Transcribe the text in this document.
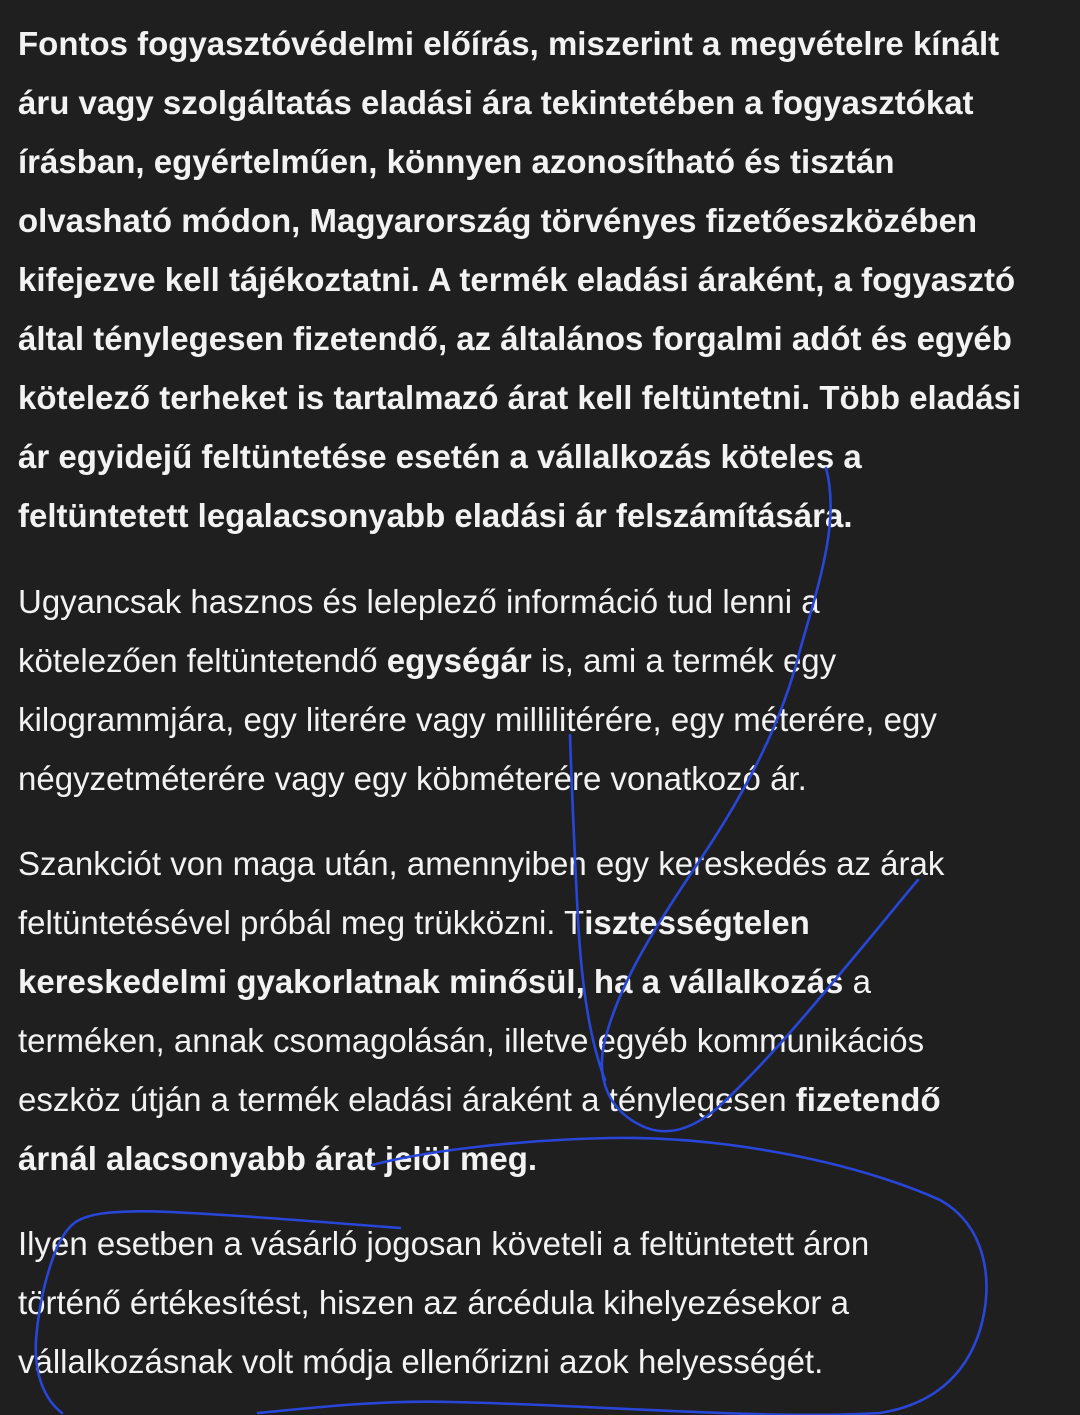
Fontos fogyasztóvédelmi előírás, miszerint a megvételre kínált
áru vagy szolgáltatás eladási ára tekintetében a fogyasztókat
írásban, egyértelműen, könnyen azonosítható és tisztán
olvasható módon, Magyarország törvényes fizetőeszközében
kifejezve kell tájékoztatni. A termék eladási áraként, a fogyasztó
által ténylegesen fizetendő, az általános forgalmi adót és egyéb
kötelező terheket is tartalmazó árat kell feltüntetni. Több eladási
ár egyidejű feltüntetése esetén a vállalkozás köteles a
feltüntetett legalacsonyabb eladási ár felszámítására.

Ugyancsak hasznos és leleplező információ tud lenni a
kötelezően feltüntetendő egységár is, ami a termék egy
kilogrammjára, egy literére vagy millilitérére, egy méterére, egy
négyzetméterére vagy egy köbméterére vonatkozó ár.

Szankciót von maga után, amennyiben egy kereskedés az árak
feltüntetésével próbál meg trükközni. Tisztességtelen
kereskedelmi gyakorlatnak minősül, ha a vállalkozás a
terméken, annak csomagolásán, illetve egyéb kommunikációs
eszköz útján a termék eladási áraként a ténylegesen fizetendő
árnál alacsonyabb árat jelöl meg.

Ilyen esetben a vásárló jogosan követeli a feltüntetett áron
történő értékesítést, hiszen az árcédula kihelyezésekor a
vállalkozásnak volt módja ellenőrizni azok helyességét.
